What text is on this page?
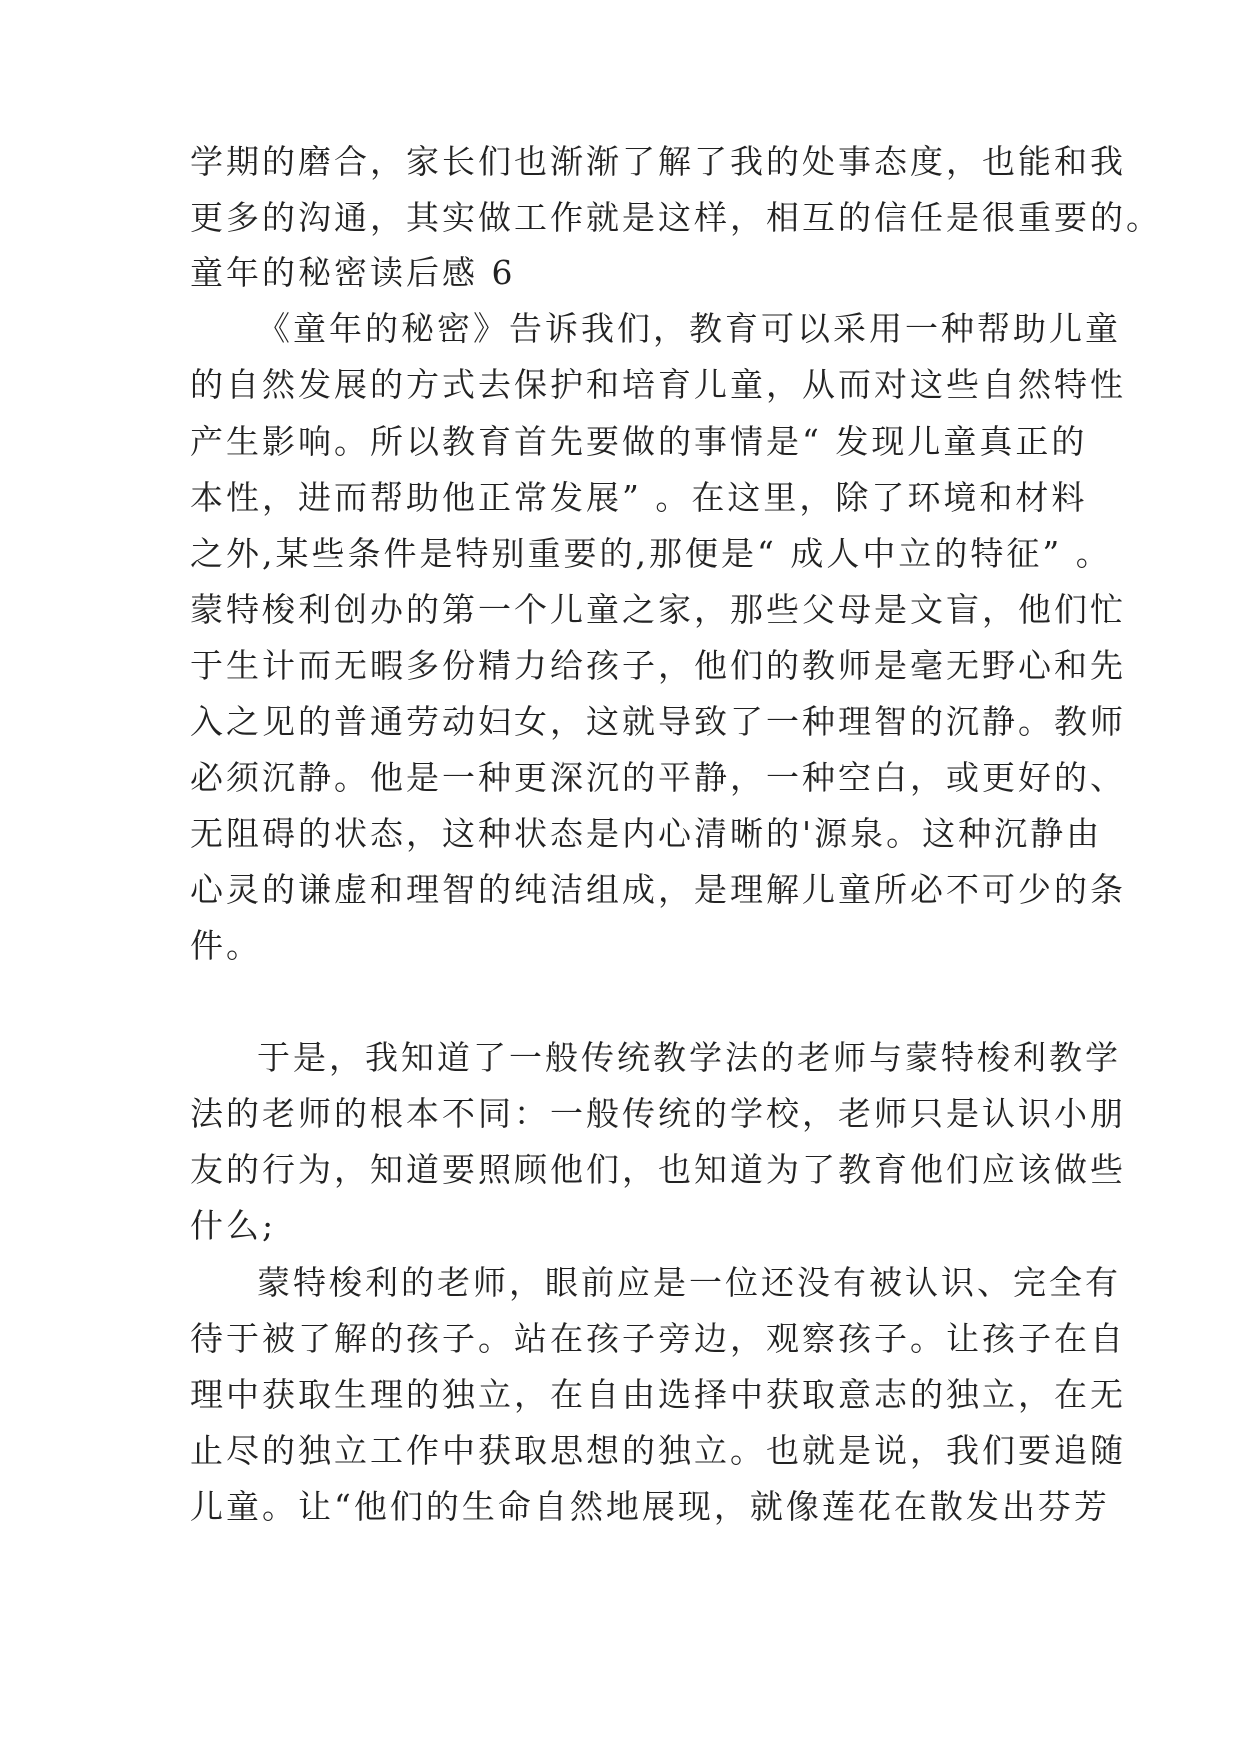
学期的磨合，家长们也渐渐了解了我的处事态度，也能和我
更多的沟通，其实做工作就是这样，相互的信任是很重要的。
童年的秘密读后感 6
《童年的秘密》告诉我们，教育可以采用一种帮助儿童
的自然发展的方式去保护和培育儿童，从而对这些自然特性
产生影响。所以教育首先要做的事情是“ 发现儿童真正的
本性，进而帮助他正常发展” 。在这里，除了环境和材料
之外,某些条件是特别重要的,那便是“ 成人中立的特征” 。
蒙特梭利创办的第一个儿童之家，那些父母是文盲，他们忙
于生计而无暇多份精力给孩子，他们的教师是毫无野心和先
入之见的普通劳动妇女，这就导致了一种理智的沉静。教师
必须沉静。他是一种更深沉的平静，一种空白，或更好的、
无阻碍的状态，这种状态是内心清晰的'源泉。这种沉静由
心灵的谦虚和理智的纯洁组成，是理解儿童所必不可少的条
件。
于是，我知道了一般传统教学法的老师与蒙特梭利教学
法的老师的根本不同：一般传统的学校，老师只是认识小朋
友的行为，知道要照顾他们，也知道为了教育他们应该做些
什么;
蒙特梭利的老师，眼前应是一位还没有被认识、完全有
待于被了解的孩子。站在孩子旁边，观察孩子。让孩子在自
理中获取生理的独立，在自由选择中获取意志的独立，在无
止尽的独立工作中获取思想的独立。也就是说，我们要追随
儿童。让“他们的生命自然地展现，就像莲花在散发出芬芳
